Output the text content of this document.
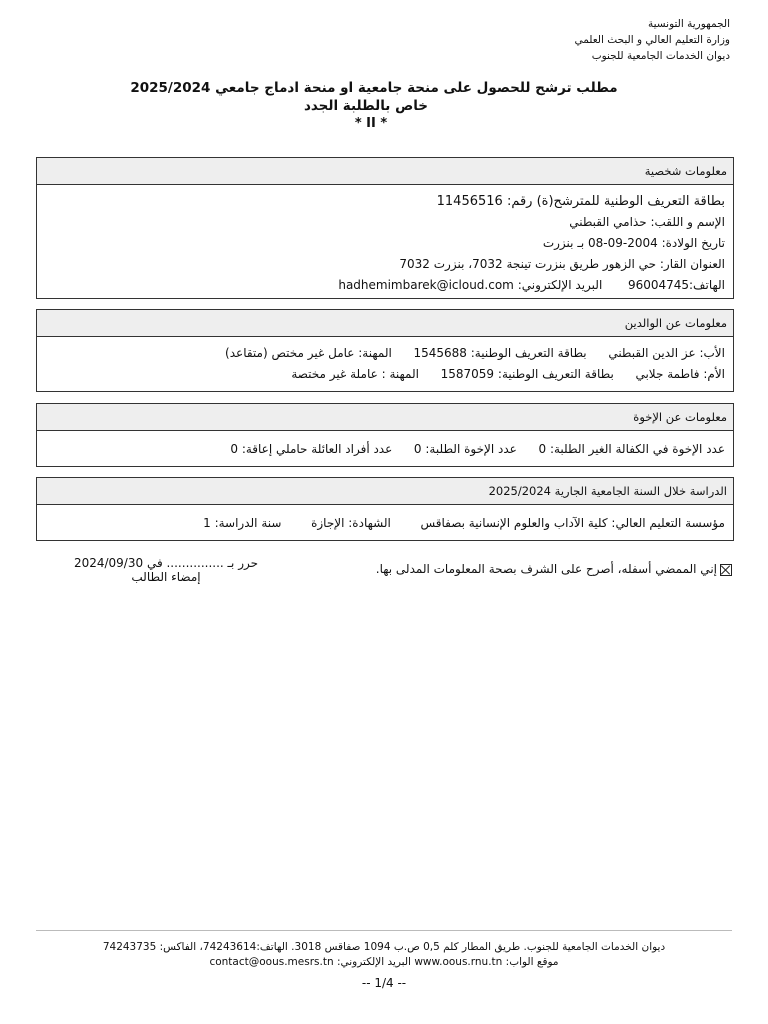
الجمهورية التونسية
وزارة التعليم العالي و البحث العلمي
ديوان الخدمات الجامعية للجنوب
مطلب ترشح للحصول على منحة جامعية او منحة ادماج جامعي 2025/2024
خاص بالطلبة الجدد
* II *
معلومات شخصية
بطاقة التعريف الوطنية للمترشح(ة) رقم: 11456516
الإسم و اللقب: حذامي القبطني
تاريخ الولادة: 08-09-2004 بـ بنزرت
العنوان القار: حي الزهور طريق بنزرت تينجة 7032، بنزرت 7032
الهاتف:96004745  البريد الإلكتروني: hadhemimbarek@icloud.com
معلومات عن الوالدين
الأب: عز الدين القبطني  بطاقة التعريف الوطنية: 1545688  المهنة: عامل غير مختص (متقاعد)
الأم: فاطمة جلابي  بطاقة التعريف الوطنية: 1587059  المهنة : عاملة غير مختصة
معلومات عن الإخوة
عدد الإخوة في الكفالة الغير الطلبة: 0  عدد الإخوة الطلبة: 0  عدد أفراد العائلة حاملي إعاقة: 0
الدراسة خلال السنة الجامعية الجارية 2025/2024
مؤسسة التعليم العالي: كلية الآداب والعلوم الإنسانية بصفاقس  الشهادة: الإجازة  سنة الدراسة: 1
إني الممضي أسفله، أصرح على الشرف بصحة المعلومات المدلى بها.
حرر بـ ............... في 2024/09/30
إمضاء الطالب
ديوان الخدمات الجامعية للجنوب. طريق المطار كلم 0,5 ص.ب 1094 صفاقس 3018. الهاتف:74243614، الفاكس: 74243735
موقع الواب: www.oous.rnu.tn البريد الإلكتروني: contact@oous.mesrs.tn
-- 1/4 --
